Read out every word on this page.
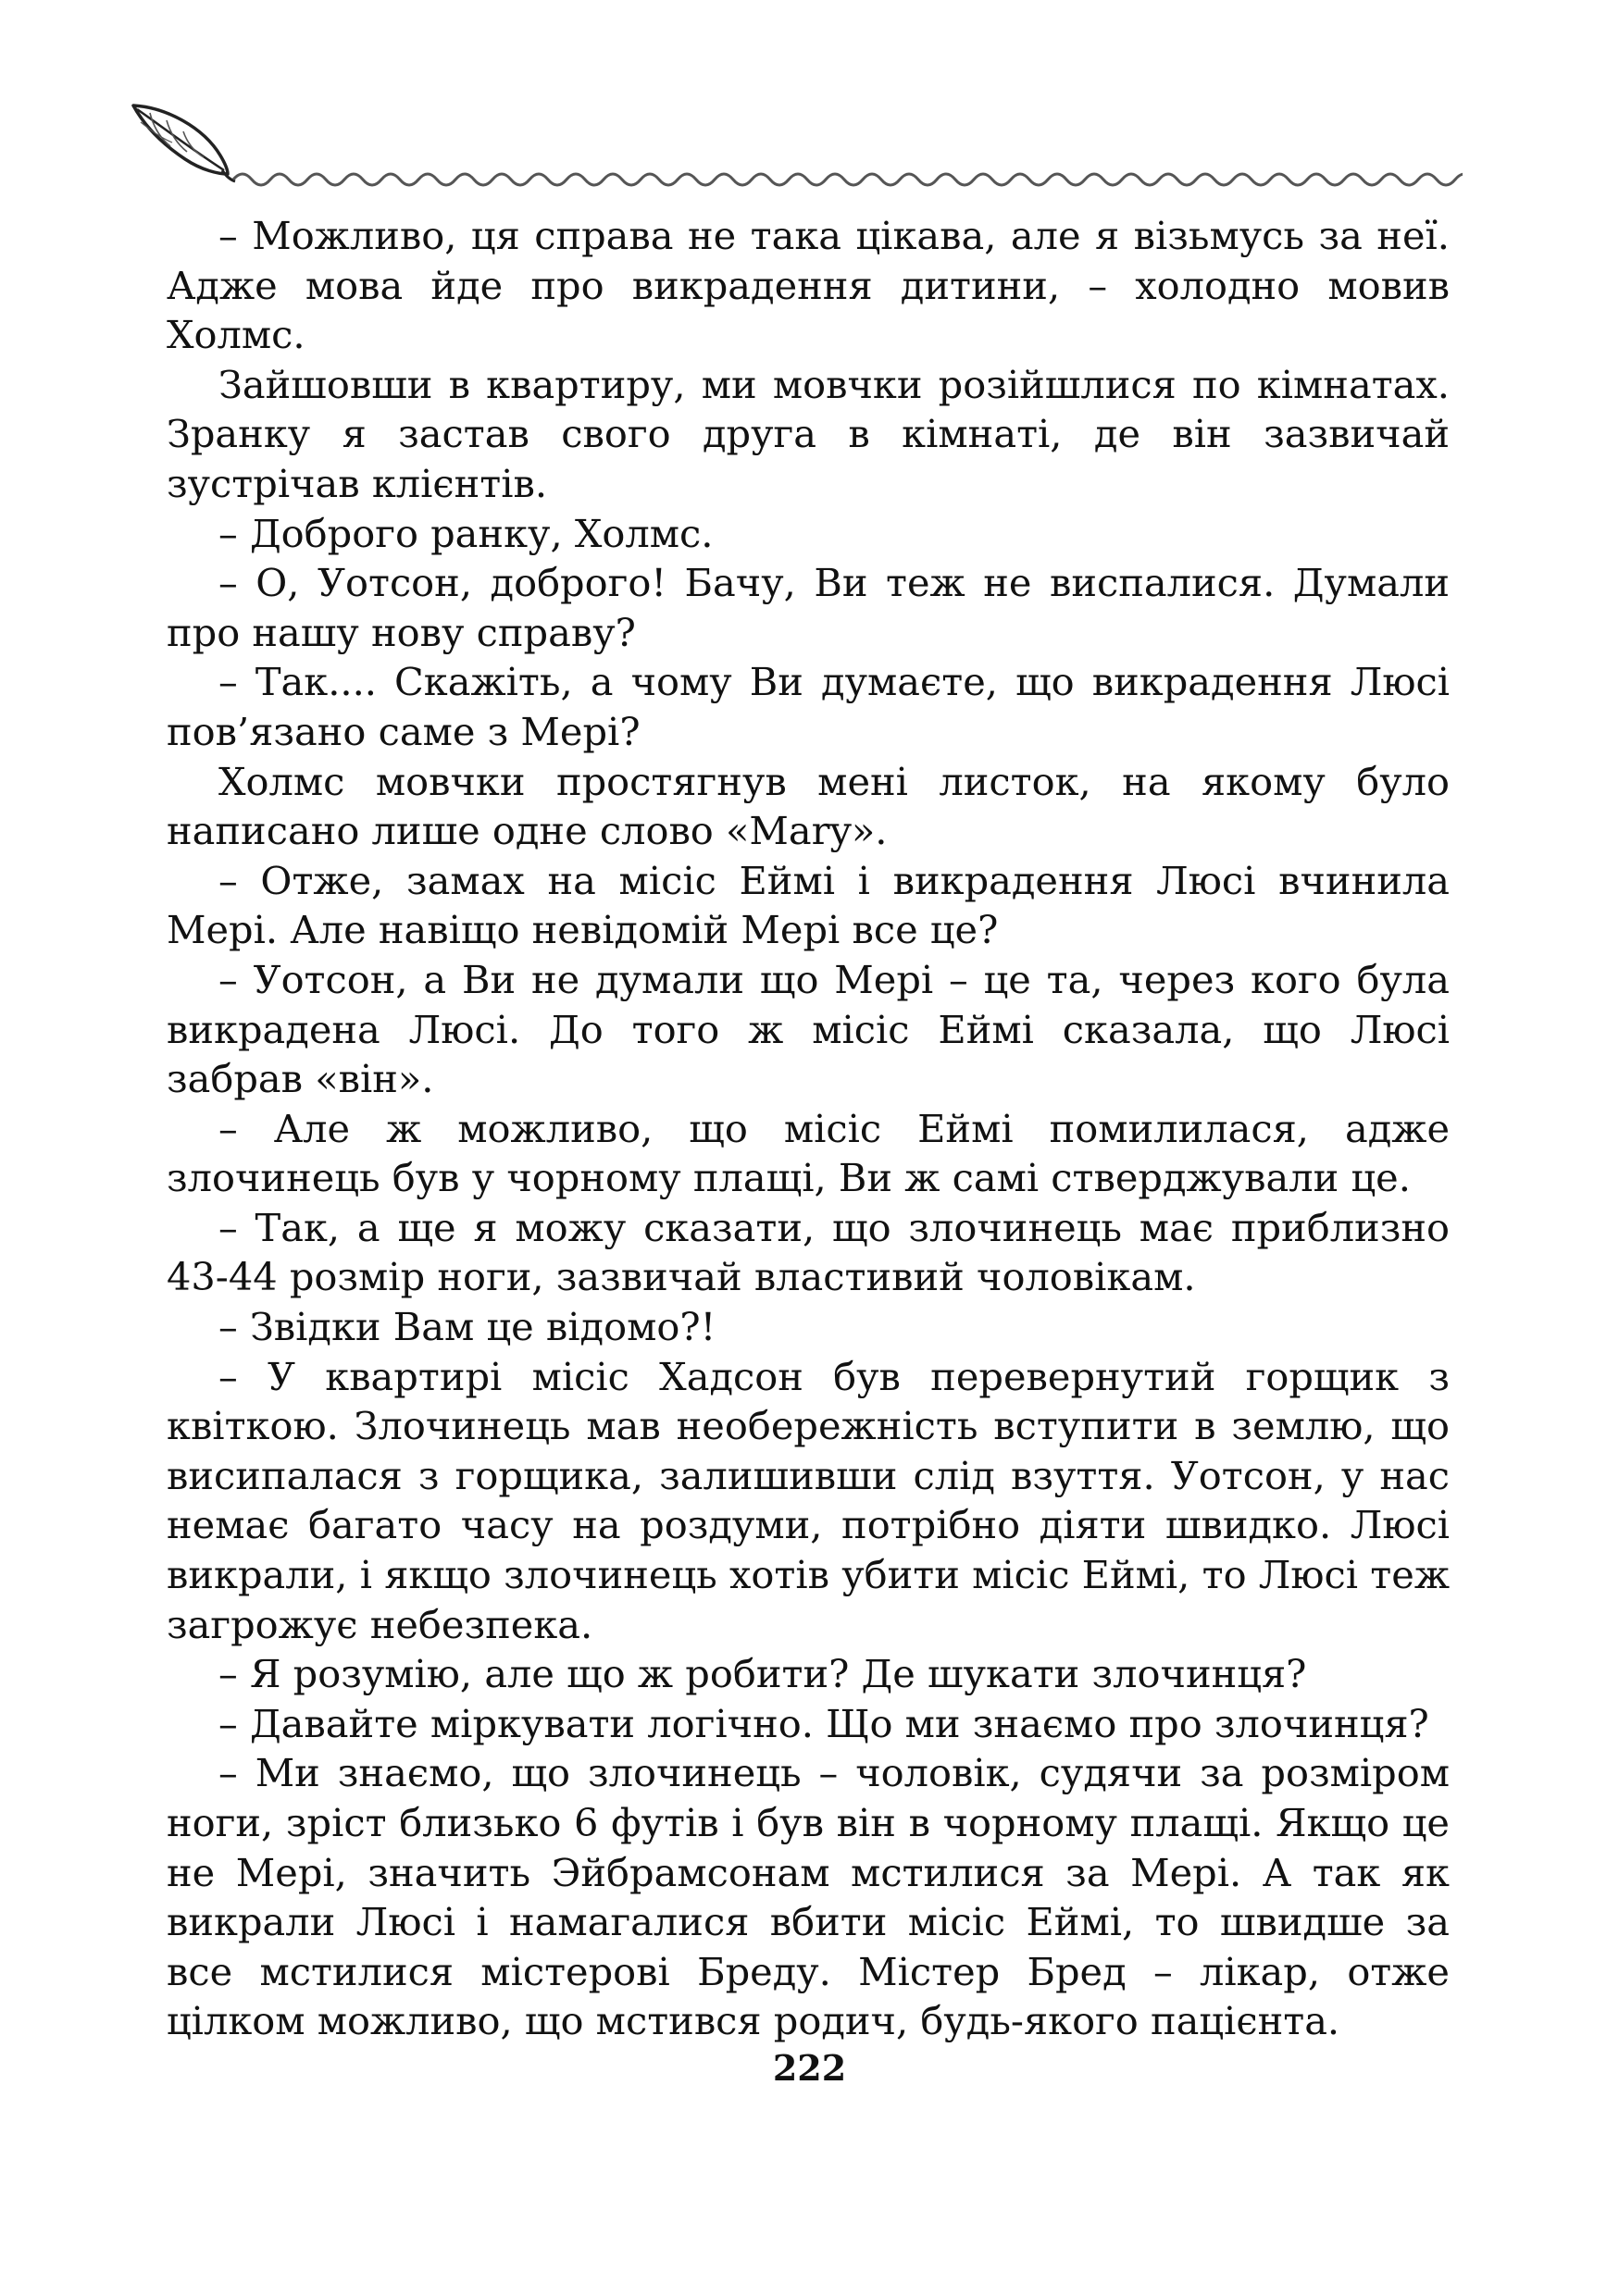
– Можливо, ця справа не така цікава, але я візьмусь за неї. Адже мова йде про викрадення дитини, – холодно мовив Холмс.

Зайшовши в квартиру, ми мовчки розійшлися по кімнатах. Зранку я застав свого друга в кімнаті, де він зазвичай зустрічав клієнтів.

– Доброго ранку, Холмс.

– О, Уотсон, доброго! Бачу, Ви теж не виспалися. Думали про нашу нову справу?

– Так.... Скажіть, а чому Ви думаєте, що викрадення Люсі пов’язано саме з Мері?

Холмс мовчки простягнув мені листок, на якому було написано лише одне слово «Mary».

– Отже, замах на місіс Еймі і викрадення Люсі вчинила Мері. Але навіщо невідомій Мері все це?

– Уотсон, а Ви не думали що Мері – це та, через кого була викрадена Люсі. До того ж місіс Еймі сказала, що Люсі забрав «він».

– Але ж можливо, що місіс Еймі помилилася, адже злочинець був у чорному плащі, Ви ж самі стверджували це.

– Так, а ще я можу сказати, що злочинець має приблизно 43-44 розмір ноги, зазвичай властивий чоловікам.

– Звідки Вам це відомо?!

– У квартирі місіс Хадсон був перевернутий горщик з квіткою. Злочинець мав необережність вступити в землю, що висипалася з горщика, залишивши слід взуття. Уотсон, у нас немає багато часу на роздуми, потрібно діяти швидко. Люсі викрали, і якщо злочинець хотів убити місіс Еймі, то Люсі теж загрожує небезпека.

– Я розумію, але що ж робити? Де шукати злочинця?

– Давайте міркувати логічно. Що ми знаємо про злочинця?

– Ми знаємо, що злочинець – чоловік, судячи за розміром ноги, зріст близько 6 футів і був він в чорному плащі. Якщо це не Мері, значить Эйбрамсонам мстилися за Мері. А так як викрали Люсі і намагалися вбити місіс Еймі, то швидше за все мстилися містерові Бреду. Містер Бред – лікар, отже цілком можливо, що мстився родич, будь-якого пацієнта.

222
